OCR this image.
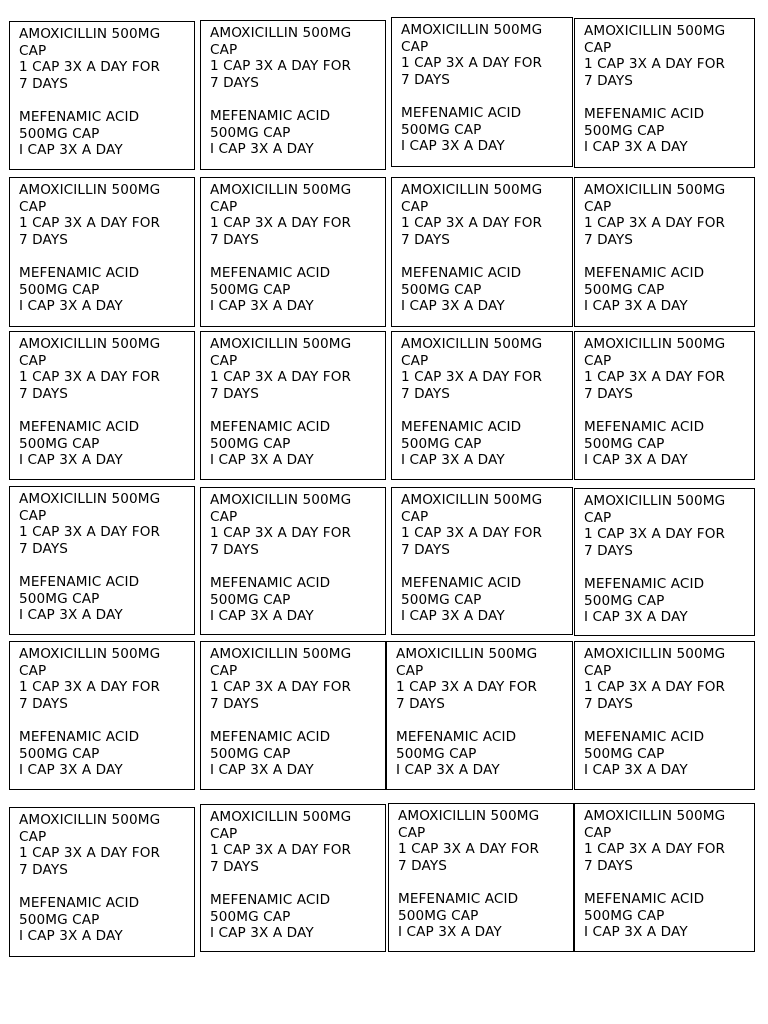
AMOXICILLIN 500MG
CAP
1 CAP 3X A DAY FOR
7 DAYS
MEFENAMIC ACID
500MG CAP
I CAP 3X A DAY
AMOXICILLIN 500MG
CAP
1 CAP 3X A DAY FOR
7 DAYS
MEFENAMIC ACID
500MG CAP
I CAP 3X A DAY
AMOXICILLIN 500MG
CAP
1 CAP 3X A DAY FOR
7 DAYS
MEFENAMIC ACID
500MG CAP
I CAP 3X A DAY
AMOXICILLIN 500MG
CAP
1 CAP 3X A DAY FOR
7 DAYS
MEFENAMIC ACID
500MG CAP
I CAP 3X A DAY
AMOXICILLIN 500MG
CAP
1 CAP 3X A DAY FOR
7 DAYS
MEFENAMIC ACID
500MG CAP
I CAP 3X A DAY
AMOXICILLIN 500MG
CAP
1 CAP 3X A DAY FOR
7 DAYS
MEFENAMIC ACID
500MG CAP
I CAP 3X A DAY
AMOXICILLIN 500MG
CAP
1 CAP 3X A DAY FOR
7 DAYS
MEFENAMIC ACID
500MG CAP
I CAP 3X A DAY
AMOXICILLIN 500MG
CAP
1 CAP 3X A DAY FOR
7 DAYS
MEFENAMIC ACID
500MG CAP
I CAP 3X A DAY
AMOXICILLIN 500MG
CAP
1 CAP 3X A DAY FOR
7 DAYS
MEFENAMIC ACID
500MG CAP
I CAP 3X A DAY
AMOXICILLIN 500MG
CAP
1 CAP 3X A DAY FOR
7 DAYS
MEFENAMIC ACID
500MG CAP
I CAP 3X A DAY
AMOXICILLIN 500MG
CAP
1 CAP 3X A DAY FOR
7 DAYS
MEFENAMIC ACID
500MG CAP
I CAP 3X A DAY
AMOXICILLIN 500MG
CAP
1 CAP 3X A DAY FOR
7 DAYS
MEFENAMIC ACID
500MG CAP
I CAP 3X A DAY
AMOXICILLIN 500MG
CAP
1 CAP 3X A DAY FOR
7 DAYS
MEFENAMIC ACID
500MG CAP
I CAP 3X A DAY
AMOXICILLIN 500MG
CAP
1 CAP 3X A DAY FOR
7 DAYS
MEFENAMIC ACID
500MG CAP
I CAP 3X A DAY
AMOXICILLIN 500MG
CAP
1 CAP 3X A DAY FOR
7 DAYS
MEFENAMIC ACID
500MG CAP
I CAP 3X A DAY
AMOXICILLIN 500MG
CAP
1 CAP 3X A DAY FOR
7 DAYS
MEFENAMIC ACID
500MG CAP
I CAP 3X A DAY
AMOXICILLIN 500MG
CAP
1 CAP 3X A DAY FOR
7 DAYS
MEFENAMIC ACID
500MG CAP
I CAP 3X A DAY
AMOXICILLIN 500MG
CAP
1 CAP 3X A DAY FOR
7 DAYS
MEFENAMIC ACID
500MG CAP
I CAP 3X A DAY
AMOXICILLIN 500MG
CAP
1 CAP 3X A DAY FOR
7 DAYS
MEFENAMIC ACID
500MG CAP
I CAP 3X A DAY
AMOXICILLIN 500MG
CAP
1 CAP 3X A DAY FOR
7 DAYS
MEFENAMIC ACID
500MG CAP
I CAP 3X A DAY
AMOXICILLIN 500MG
CAP
1 CAP 3X A DAY FOR
7 DAYS
MEFENAMIC ACID
500MG CAP
I CAP 3X A DAY
AMOXICILLIN 500MG
CAP
1 CAP 3X A DAY FOR
7 DAYS
MEFENAMIC ACID
500MG CAP
I CAP 3X A DAY
AMOXICILLIN 500MG
CAP
1 CAP 3X A DAY FOR
7 DAYS
MEFENAMIC ACID
500MG CAP
I CAP 3X A DAY
AMOXICILLIN 500MG
CAP
1 CAP 3X A DAY FOR
7 DAYS
MEFENAMIC ACID
500MG CAP
I CAP 3X A DAY
